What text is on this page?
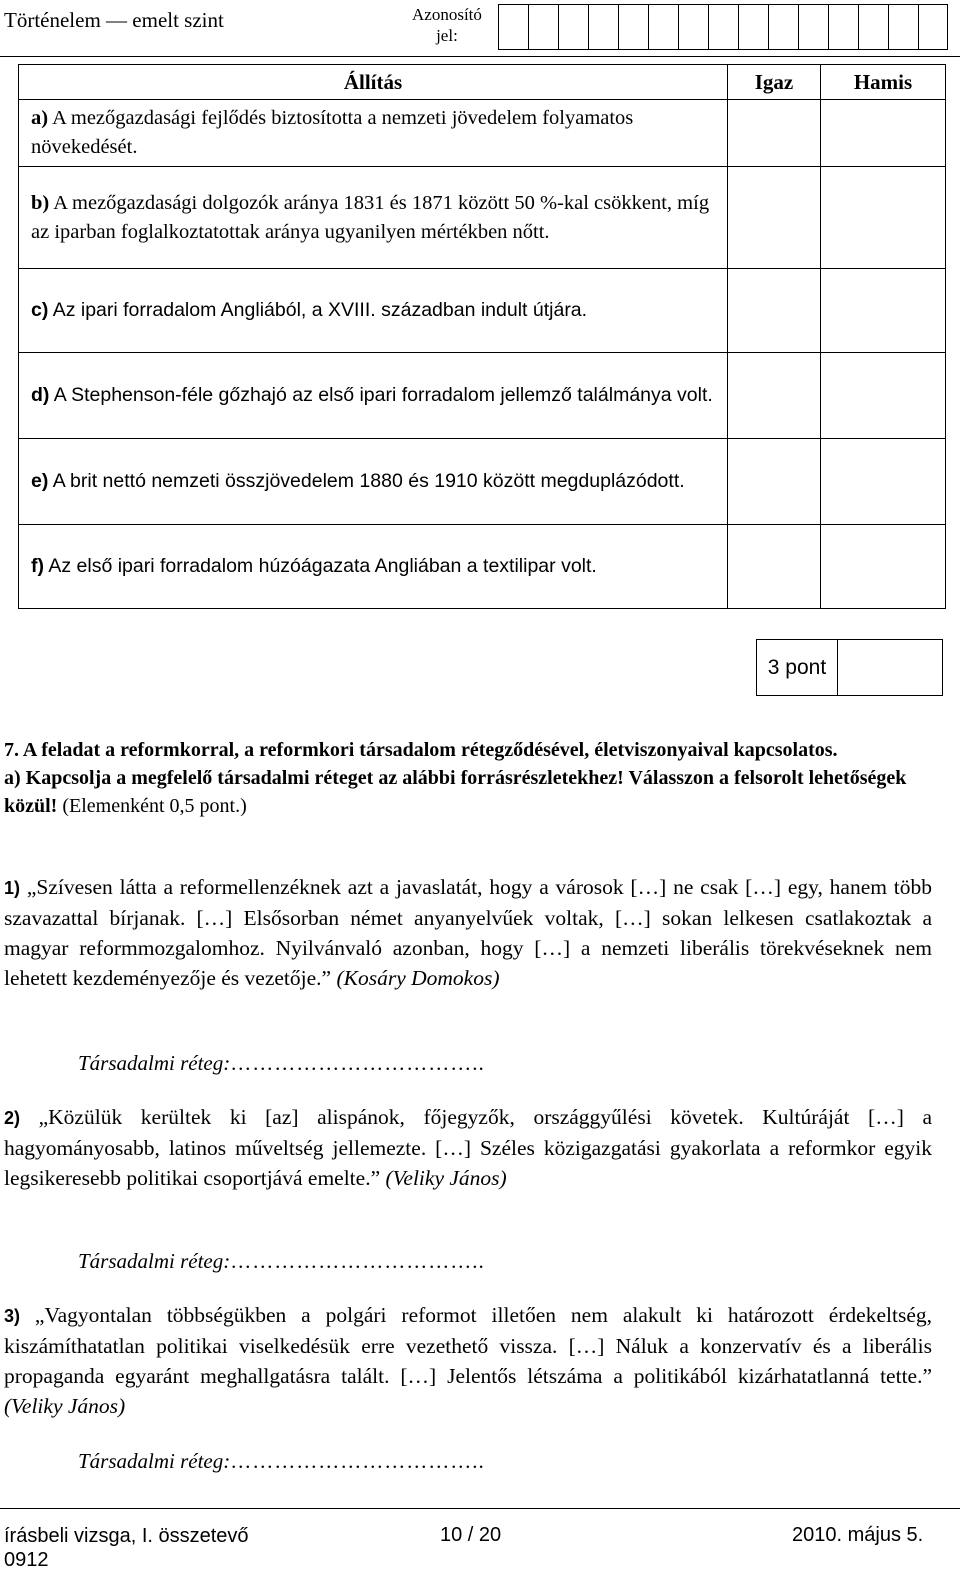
Történelem — emelt szint	Azonosító
jel:
Állítás	Igaz	Hamis
a) A mezőgazdasági fejlődés biztosította a nemzeti jövedelem folyamatos növekedését.		
b) A mezőgazdasági dolgozók aránya 1831 és 1871 között 50 %-kal csökkent, míg az iparban foglalkoztatottak aránya ugyanilyen mértékben nőtt.		
c) Az ipari forradalom Angliából, a XVIII. században indult útjára.		
d) A Stephenson-féle gőzhajó az első ipari forradalom jellemző találmánya volt.		
e) A brit nettó nemzeti összjövedelem 1880 és 1910 között megduplázódott.		
f) Az első ipari forradalom húzóágazata Angliában a textilipar volt.		
3 pont
7. A feladat a reformkorral, a reformkori társadalom rétegződésével, életviszonyaival kapcsolatos.
a) Kapcsolja a megfelelő társadalmi réteget az alábbi forrásrészletekhez! Válasszon a felsorolt lehetőségek közül! (Elemenként 0,5 pont.)
1) „Szívesen látta a reformellenzéknek azt a javaslatát, hogy a városok […] ne csak […] egy, hanem több szavazattal bírjanak. […] Elsősorban német anyanyelvűek voltak, […] sokan lelkesen csatlakoztak a magyar reformmozgalomhoz. Nyilvánvaló azonban, hogy […] a nemzeti liberális törekvéseknek nem lehetett kezdeményezője és vezetője.” (Kosáry Domokos)
Társadalmi réteg:……………………………..
2) „Közülük kerültek ki [az] alispánok, főjegyzők, országgyűlési követek. Kultúráját […] a hagyományosabb, latinos műveltség jellemezte. […] Széles közigazgatási gyakorlata a reformkor egyik legsikeresebb politikai csoportjává emelte.” (Veliky János)
Társadalmi réteg:……………………………..
3) „Vagyontalan többségükben a polgári reformot illetően nem alakult ki határozott érdekeltség, kiszámíthatatlan politikai viselkedésük erre vezethető vissza. […] Náluk a konzervatív és a liberális propaganda egyaránt meghallgatásra talált. […] Jelentős létszáma a politikából kizárhatatlanná tette.” (Veliky János)
Társadalmi réteg:……………………………..
írásbeli vizsga, I. összetevő
0912
10 / 20	2010. május 5.
